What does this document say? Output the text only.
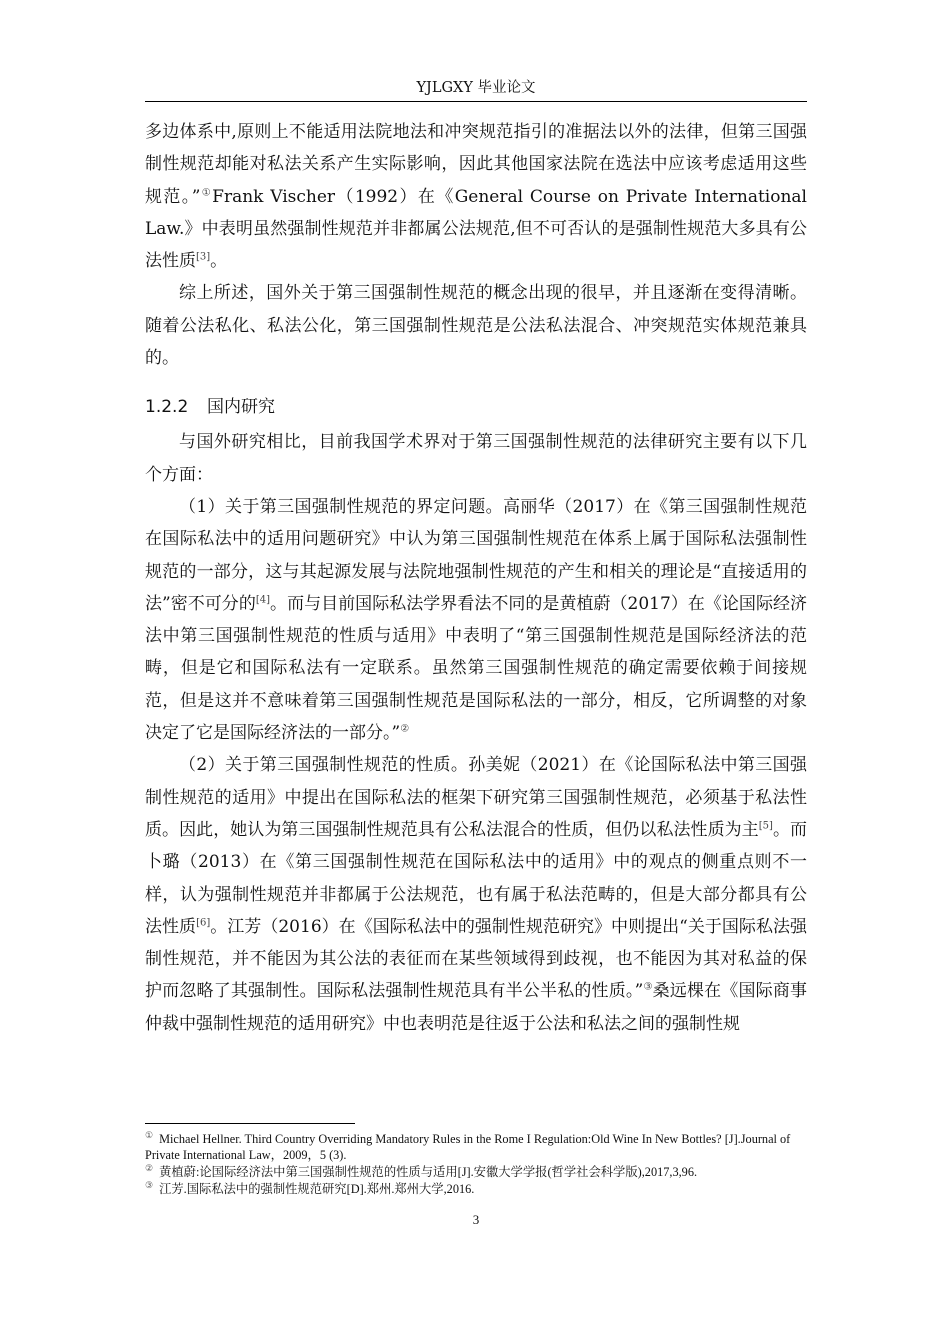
YJLGXY 毕业论文

多边体系中,原则上不能适用法院地法和冲突规范指引的准据法以外的法律，但第三国强制性规范却能对私法关系产生实际影响，因此其他国家法院在选法中应该考虑适用这些规范。”①Frank Vischer（1992）在《General Course on Private International Law.》中表明虽然强制性规范并非都属公法规范,但不可否认的是强制性规范大多具有公法性质[3]。

综上所述，国外关于第三国强制性规范的概念出现的很早，并且逐渐在变得清晰。随着公法私化、私法公化，第三国强制性规范是公法私法混合、冲突规范实体规范兼具的。

1.2.2 国内研究

与国外研究相比，目前我国学术界对于第三国强制性规范的法律研究主要有以下几个方面：

（1）关于第三国强制性规范的界定问题。高丽华（2017）在《第三国强制性规范在国际私法中的适用问题研究》中认为第三国强制性规范在体系上属于国际私法强制性规范的一部分，这与其起源发展与法院地强制性规范的产生和相关的理论是“直接适用的法”密不可分的[4]。而与目前国际私法学界看法不同的是黄植蔚（2017）在《论国际经济法中第三国强制性规范的性质与适用》中表明了“第三国强制性规范是国际经济法的范畴，但是它和国际私法有一定联系。虽然第三国强制性规范的确定需要依赖于间接规范，但是这并不意味着第三国强制性规范是国际私法的一部分，相反，它所调整的对象决定了它是国际经济法的一部分。”②

（2）关于第三国强制性规范的性质。孙美妮（2021）在《论国际私法中第三国强制性规范的适用》中提出在国际私法的框架下研究第三国强制性规范，必须基于私法性质。因此，她认为第三国强制性规范具有公私法混合的性质，但仍以私法性质为主[5]。而卜璐（2013）在《第三国强制性规范在国际私法中的适用》中的观点的侧重点则不一样，认为强制性规范并非都属于公法规范，也有属于私法范畴的，但是大部分都具有公法性质[6]。江芳（2016）在《国际私法中的强制性规范研究》中则提出“关于国际私法强制性规范，并不能因为其公法的表征而在某些领域得到歧视，也不能因为其对私益的保护而忽略了其强制性。国际私法强制性规范具有半公半私的性质。”③桑远棵在《国际商事仲裁中强制性规范的适用研究》中也表明范是往返于公法和私法之间的强制性规

① Michael Hellner. Third Country Overriding Mandatory Rules in the Rome I Regulation:Old Wine In New Bottles? [J].Journal of Private International Law，2009，5 (3).

② 黄植蔚:论国际经济法中第三国强制性规范的性质与适用[J].安徽大学学报(哲学社会科学版),2017,3,96.

③ 江芳.国际私法中的强制性规范研究[D].郑州.郑州大学,2016.

3
